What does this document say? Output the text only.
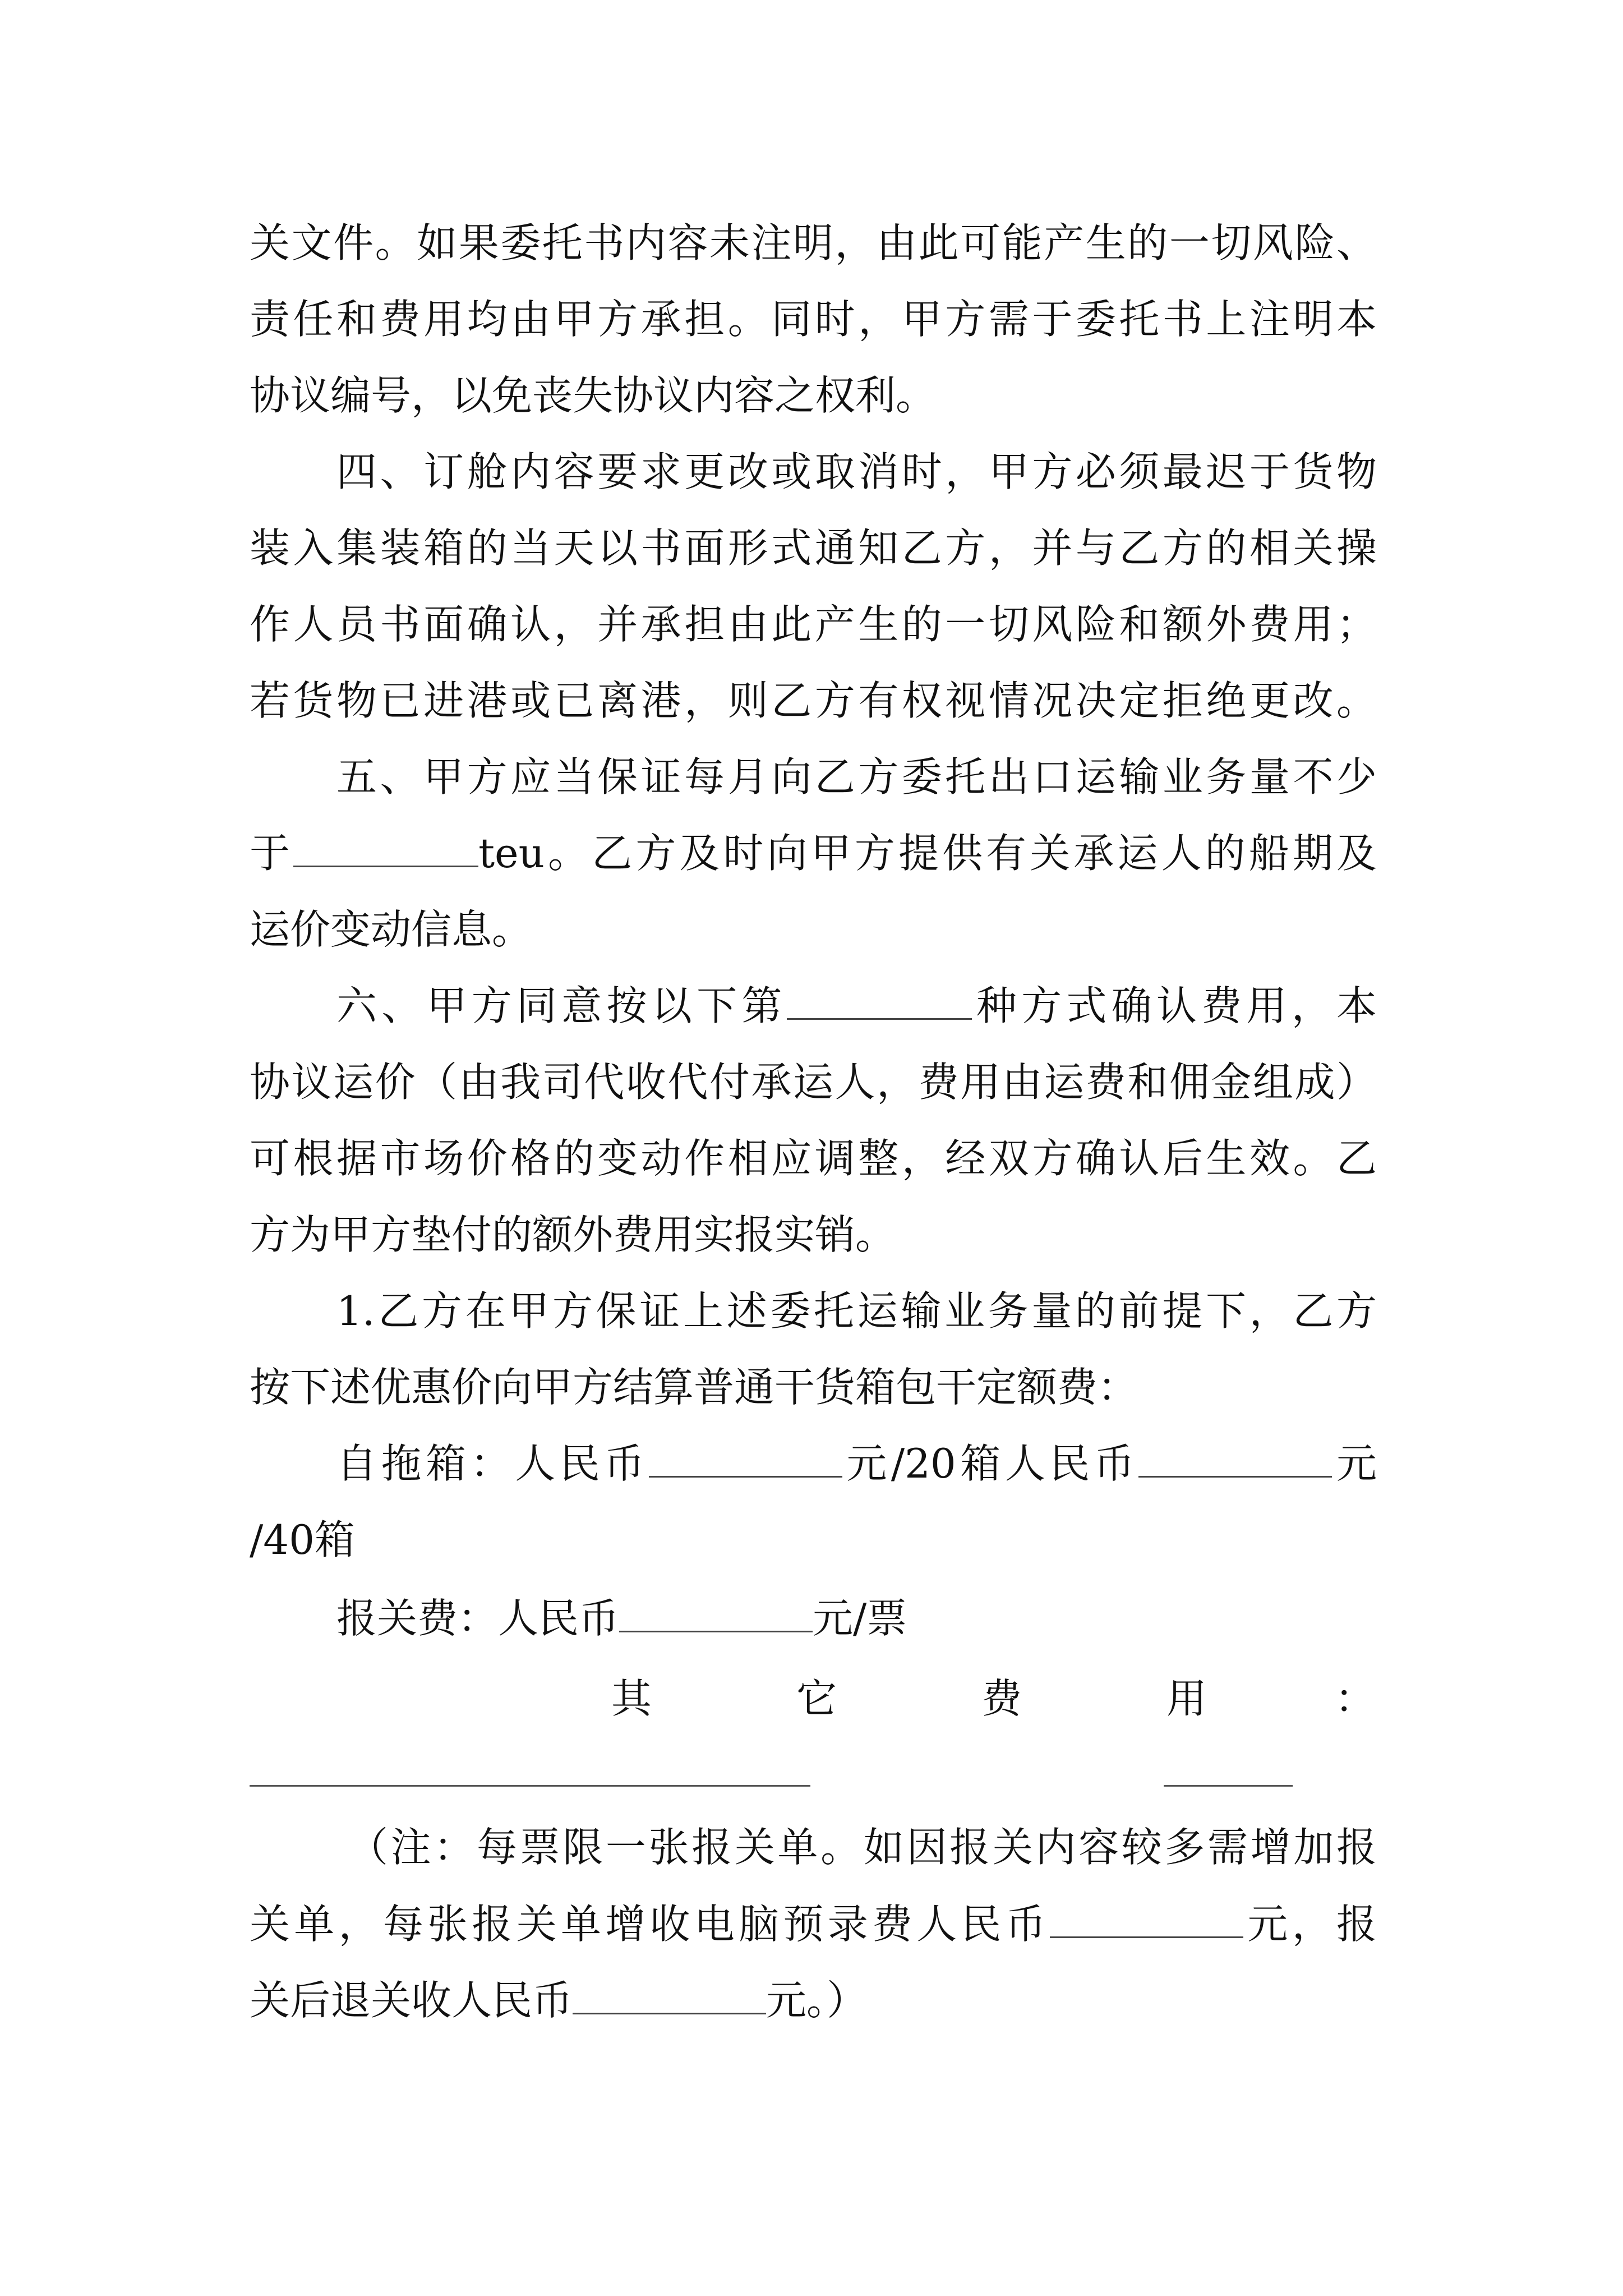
关文件。如果委托书内容未注明，由此可能产生的一切风险、
责任和费用均由甲方承担。同时，甲方需于委托书上注明本
协议编号，以免丧失协议内容之权利。
四、订舱内容要求更改或取消时，甲方必须最迟于货物
装入集装箱的当天以书面形式通知乙方，并与乙方的相关操
作人员书面确认，并承担由此产生的一切风险和额外费用；
若货物已进港或已离港，则乙方有权视情况决定拒绝更改。
五、甲方应当保证每月向乙方委托出口运输业务量不少
于	teu。乙方及时向甲方提供有关承运人的船期及
运价变动信息。
六、甲方同意按以下第	种方式确认费用，本
协议运价（由我司代收代付承运人，费用由运费和佣金组成）
可根据市场价格的变动作相应调整，经双方确认后生效。乙
方为甲方垫付的额外费用实报实销。
1.乙方在甲方保证上述委托运输业务量的前提下，乙方
按下述优惠价向甲方结算普通干货箱包干定额费：
自拖箱：人民币	元/20箱人民币	元
/40箱
报关费：人民币	元/票
其	它	费	用	：
（注：每票限一张报关单。如因报关内容较多需增加报
关单，每张报关单增收电脑预录费人民币	元，报
关后退关收人民币	元。）
